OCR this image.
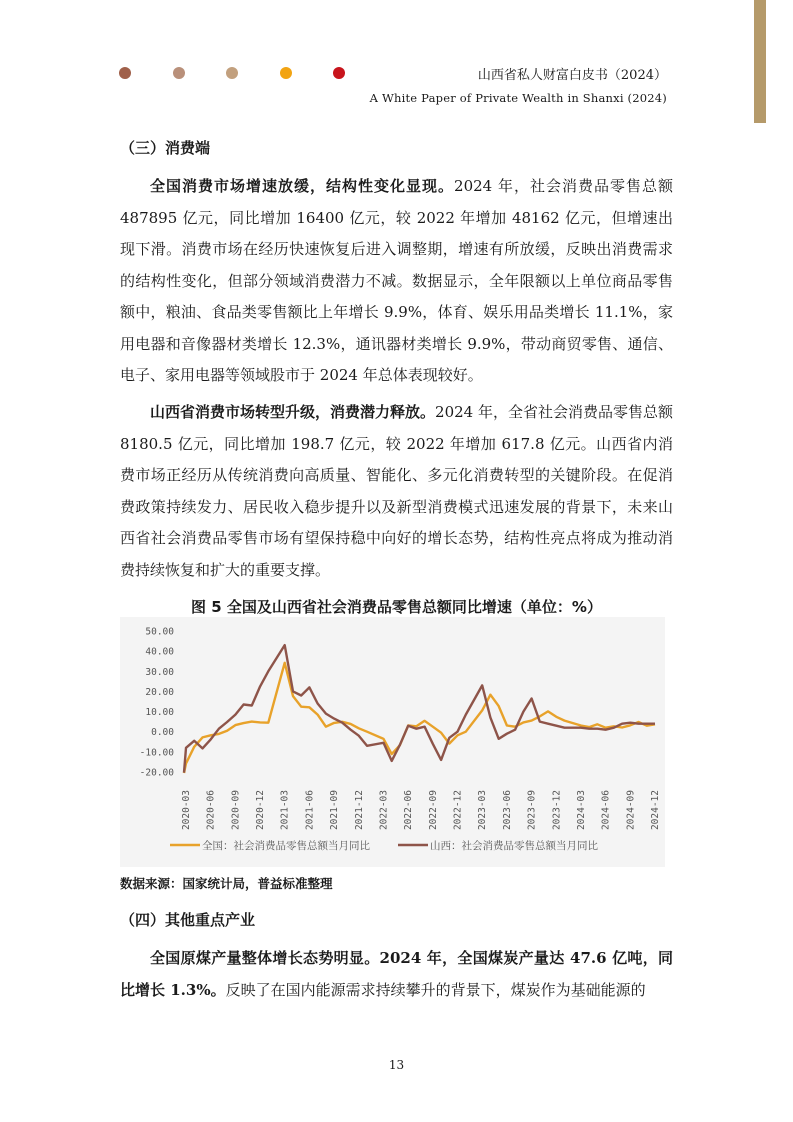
山西省私人财富白皮书（2024）
A White Paper of Private Wealth in Shanxi (2024)
（三）消费端

全国消费市场增速放缓，结构性变化显现。2024 年，社会消费品零售总额 487895 亿元，同比增加 16400 亿元，较 2022 年增加 48162 亿元，但增速出现下滑。消费市场在经历快速恢复后进入调整期，增速有所放缓，反映出消费需求的结构性变化，但部分领域消费潜力不减。数据显示，全年限额以上单位商品零售额中，粮油、食品类零售额比上年增长 9.9%，体育、娱乐用品类增长 11.1%，家用电器和音像器材类增长 12.3%，通讯器材类增长 9.9%，带动商贸零售、通信、电子、家用电器等领域股市于 2024 年总体表现较好。

山西省消费市场转型升级，消费潜力释放。2024 年，全省社会消费品零售总额 8180.5 亿元，同比增加 198.7 亿元，较 2022 年增加 617.8 亿元。山西省内消费市场正经历从传统消费向高质量、智能化、多元化消费转型的关键阶段。在促消费政策持续发力、居民收入稳步提升以及新型消费模式迅速发展的背景下，未来山西省社会消费品零售市场有望保持稳中向好的增长态势，结构性亮点将成为推动消费持续恢复和扩大的重要支撑。

图 5 全国及山西省社会消费品零售总额同比增速（单位：%）
50.00
40.00
30.00
20.00
10.00
0.00
-10.00
-20.00
2020-03 2020-06 2020-09 2020-12 2021-03 2021-06 2021-09 2021-12 2022-03 2022-06 2022-09 2022-12 2023-03 2023-06 2023-09 2023-12 2024-03 2024-06 2024-09 2024-12
全国：社会消费品零售总额当月同比	山西：社会消费品零售总额当月同比
数据来源：国家统计局，普益标准整理
（四）其他重点产业

全国原煤产量整体增长态势明显。2024 年，全国煤炭产量达 47.6 亿吨，同比增长 1.3%。反映了在国内能源需求持续攀升的背景下，煤炭作为基础能源的

13
